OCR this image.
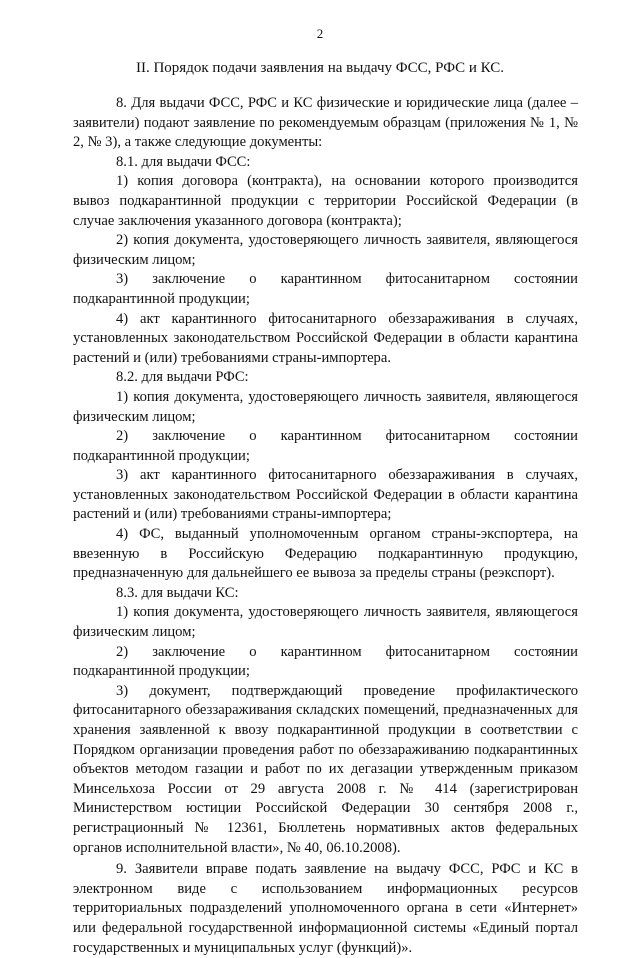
2
II. Порядок подачи заявления на выдачу ФСС, РФС и КС.

8. Для выдачи ФСС, РФС и КС физические и юридические лица (далее – заявители) подают заявление по рекомендуемым образцам (приложения № 1, № 2, № 3), а также следующие документы:

8.1. для выдачи ФСС:

1) копия договора (контракта), на основании которого производится вывоз подкарантинной продукции с территории Российской Федерации (в случае заключения указанного договора (контракта);

2) копия документа, удостоверяющего личность заявителя, являющегося физическим лицом;

3) заключение о карантинном фитосанитарном состоянии подкарантинной продукции;

4) акт карантинного фитосанитарного обеззараживания в случаях, установленных законодательством Российской Федерации в области карантина растений и (или) требованиями страны-импортера.

8.2. для выдачи РФС:

1) копия документа, удостоверяющего личность заявителя, являющегося физическим лицом;

2) заключение о карантинном фитосанитарном состоянии подкарантинной продукции;

3) акт карантинного фитосанитарного обеззараживания в случаях, установленных законодательством Российской Федерации в области карантина растений и (или) требованиями страны-импортера;

4) ФС, выданный уполномоченным органом страны-экспортера, на ввезенную в Российскую Федерацию подкарантинную продукцию, предназначенную для дальнейшего ее вывоза за пределы страны (реэкспорт).

8.3. для выдачи КС:

1) копия документа, удостоверяющего личность заявителя, являющегося физическим лицом;

2) заключение о карантинном фитосанитарном состоянии подкарантинной продукции;

3) документ, подтверждающий проведение профилактического фитосанитарного обеззараживания складских помещений, предназначенных для хранения заявленной к ввозу подкарантинной продукции в соответствии с Порядком организации проведения работ по обеззараживанию подкарантинных объектов методом газации и работ по их дегазации утвержденным приказом Минсельхоза России от 29 августа 2008 г. № 414 (зарегистрирован Министерством юстиции Российской Федерации 30 сентября 2008 г., регистрационный № 12361, Бюллетень нормативных актов федеральных органов исполнительной власти», № 40, 06.10.2008).

9. Заявители вправе подать заявление на выдачу ФСС, РФС и КС в электронном виде с использованием информационных ресурсов территориальных подразделений уполномоченного органа в сети «Интернет» или федеральной государственной информационной системы «Единый портал государственных и муниципальных услуг (функций)».
